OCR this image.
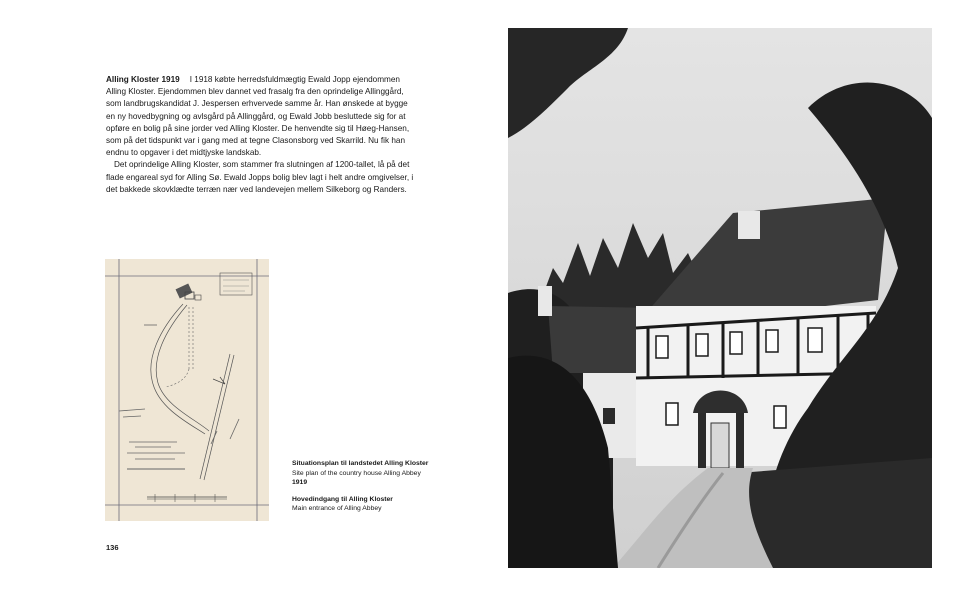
Alling Kloster 1919 I 1918 købte herredsfuldmægtig Ewald Jopp ejendommen Alling Kloster. Ejendommen blev dannet ved frasalg fra den oprindelige Allinggård, som landbrugskandidat J. Jespersen erhvervede samme år. Han ønskede at bygge en ny hovedbygning og avlsgård på Allinggård, og Ewald Jobb besluttede sig for at opføre en bolig på sine jorder ved Alling Kloster. De henvendte sig til Høeg-Hansen, som på det tidspunkt var i gang med at tegne Clasonsborg ved Skarrild. Nu fik han endnu to opgaver i det midtjyske landskab.

Det oprindelige Alling Kloster, som stammer fra slutningen af 1200-tallet, lå på det flade engareal syd for Alling Sø. Ewald Jopps bolig blev lagt i helt andre omgivelser, i det bakkede skovklædte terræn nær ved landevejen mellem Silkeborg og Randers.

Situationsplan til landstedet Alling Kloster
Site plan of the country house Alling Abbey
1919
Hovedindgang til Alling Kloster
Main entrance of Alling Abbey
136
